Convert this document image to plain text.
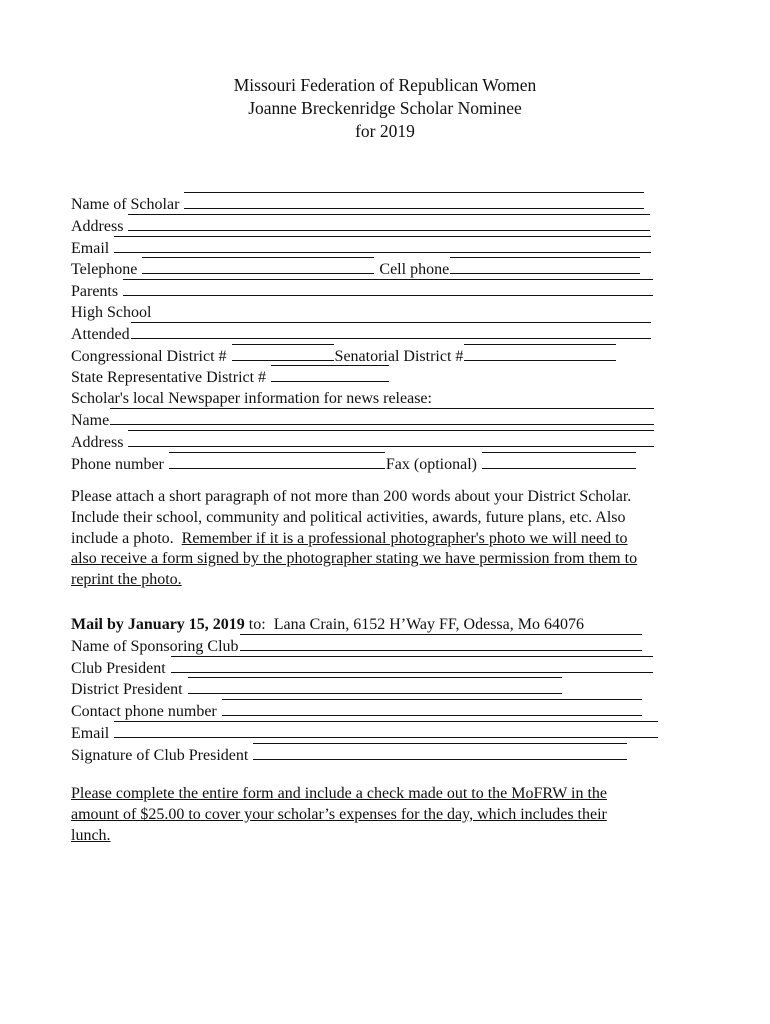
Missouri Federation of Republican Women
Joanne Breckenridge Scholar Nominee
for 2019
Name of Scholar
Address
Email
Telephone	Cell phone
Parents
High School
Attended
Congressional District #	Senatorial District #
State Representative District #
Scholar's local Newspaper information for news release:
Name
Address
Phone number	Fax (optional)
Please attach a short paragraph of not more than 200 words about your District Scholar.
Include their school, community and political activities, awards, future plans, etc. Also
include a photo.  Remember if it is a professional photographer's photo we will need to
also receive a form signed by the photographer stating we have permission from them to
reprint the photo.
Mail by January 15, 2019 to:  Lana Crain, 6152 H’Way FF, Odessa, Mo 64076
Name of Sponsoring Club
Club President
District President
Contact phone number
Email
Signature of Club President
Please complete the entire form and include a check made out to the MoFRW in the
amount of $25.00 to cover your scholar’s expenses for the day, which includes their
lunch.
